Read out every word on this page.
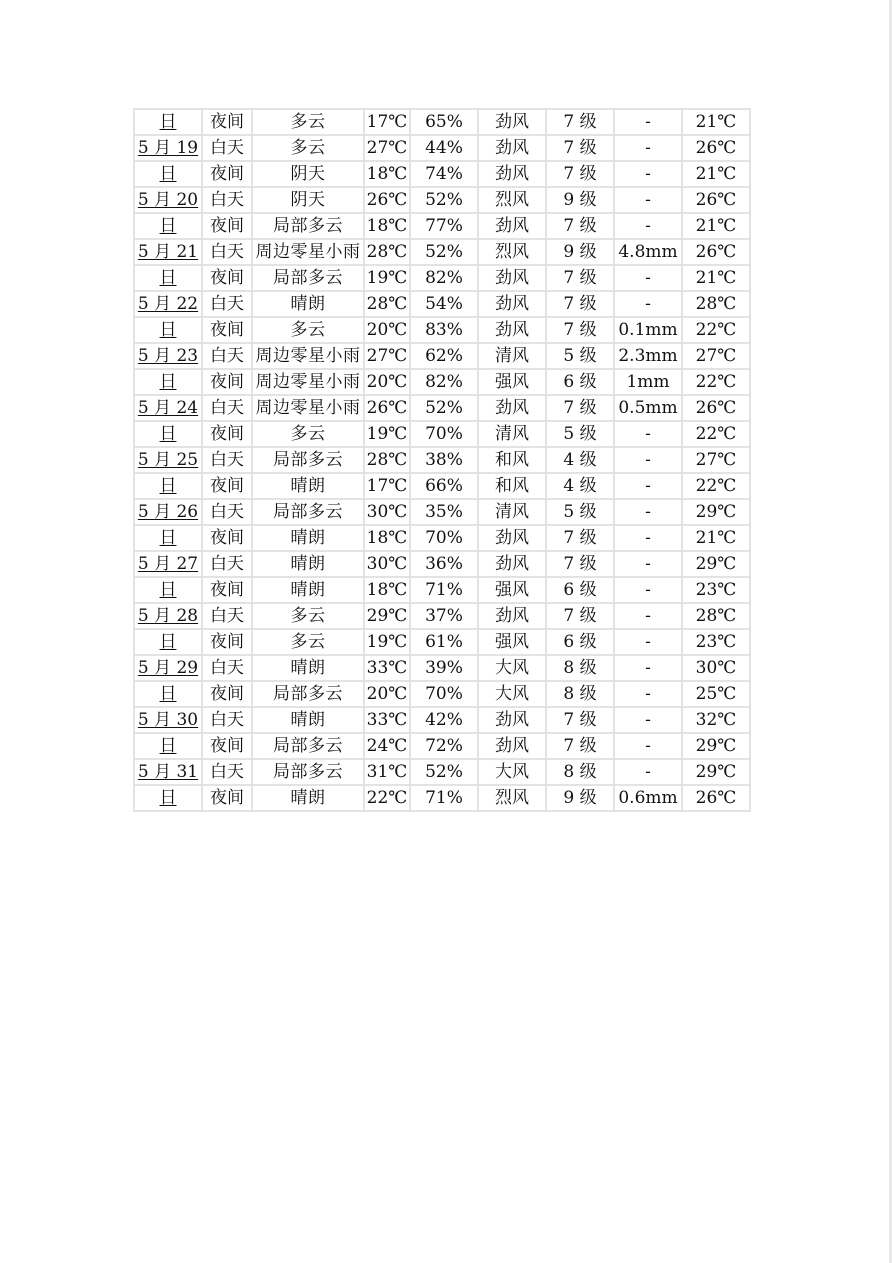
日	夜间	多云	17℃	65%	劲风	7 级	-	21℃
5 月 19	白天	多云	27℃	44%	劲风	7 级	-	26℃
日	夜间	阴天	18℃	74%	劲风	7 级	-	21℃
5 月 20	白天	阴天	26℃	52%	烈风	9 级	-	26℃
日	夜间	局部多云	18℃	77%	劲风	7 级	-	21℃
5 月 21	白天	周边零星小雨	28℃	52%	烈风	9 级	4.8mm	26℃
日	夜间	局部多云	19℃	82%	劲风	7 级	-	21℃
5 月 22	白天	晴朗	28℃	54%	劲风	7 级	-	28℃
日	夜间	多云	20℃	83%	劲风	7 级	0.1mm	22℃
5 月 23	白天	周边零星小雨	27℃	62%	清风	5 级	2.3mm	27℃
日	夜间	周边零星小雨	20℃	82%	强风	6 级	1mm	22℃
5 月 24	白天	周边零星小雨	26℃	52%	劲风	7 级	0.5mm	26℃
日	夜间	多云	19℃	70%	清风	5 级	-	22℃
5 月 25	白天	局部多云	28℃	38%	和风	4 级	-	27℃
日	夜间	晴朗	17℃	66%	和风	4 级	-	22℃
5 月 26	白天	局部多云	30℃	35%	清风	5 级	-	29℃
日	夜间	晴朗	18℃	70%	劲风	7 级	-	21℃
5 月 27	白天	晴朗	30℃	36%	劲风	7 级	-	29℃
日	夜间	晴朗	18℃	71%	强风	6 级	-	23℃
5 月 28	白天	多云	29℃	37%	劲风	7 级	-	28℃
日	夜间	多云	19℃	61%	强风	6 级	-	23℃
5 月 29	白天	晴朗	33℃	39%	大风	8 级	-	30℃
日	夜间	局部多云	20℃	70%	大风	8 级	-	25℃
5 月 30	白天	晴朗	33℃	42%	劲风	7 级	-	32℃
日	夜间	局部多云	24℃	72%	劲风	7 级	-	29℃
5 月 31	白天	局部多云	31℃	52%	大风	8 级	-	29℃
日	夜间	晴朗	22℃	71%	烈风	9 级	0.6mm	26℃
